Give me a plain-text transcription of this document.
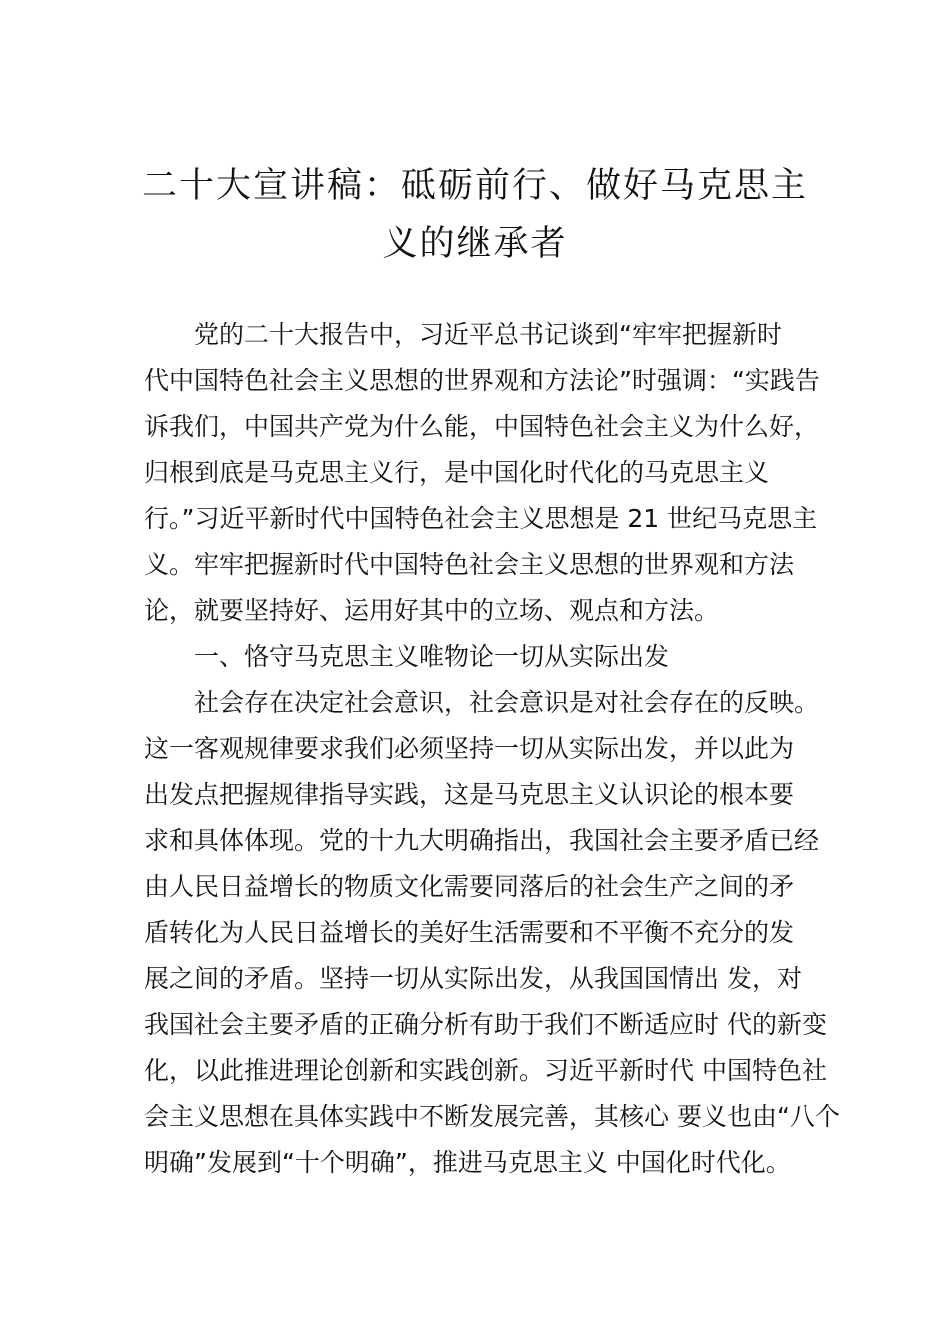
二十大宣讲稿：砥砺前行、做好马克思主
义的继承者
党的二十大报告中，习近平总书记谈到“牢牢把握新时
代中国特色社会主义思想的世界观和方法论”时强调：“实践告
诉我们，中国共产党为什么能，中国特色社会主义为什么好，
归根到底是马克思主义行，是中国化时代化的马克思主义
行。”习近平新时代中国特色社会主义思想是 21 世纪马克思主
义。牢牢把握新时代中国特色社会主义思想的世界观和方法
论，就要坚持好、运用好其中的立场、观点和方法。
一、恪守马克思主义唯物论一切从实际出发
社会存在决定社会意识，社会意识是对社会存在的反映。
这一客观规律要求我们必须坚持一切从实际出发，并以此为
出发点把握规律指导实践，这是马克思主义认识论的根本要
求和具体体现。党的十九大明确指出，我国社会主要矛盾已经
由人民日益增长的物质文化需要同落后的社会生产之间的矛
盾转化为人民日益增长的美好生活需要和不平衡不充分的发
展之间的矛盾。坚持一切从实际出发，从我国国情出 发，对
我国社会主要矛盾的正确分析有助于我们不断适应时 代的新变
化，以此推进理论创新和实践创新。习近平新时代 中国特色社
会主义思想在具体实践中不断发展完善，其核心 要义也由“八个
明确”发展到“十个明确”，推进马克思主义 中国化时代化。
